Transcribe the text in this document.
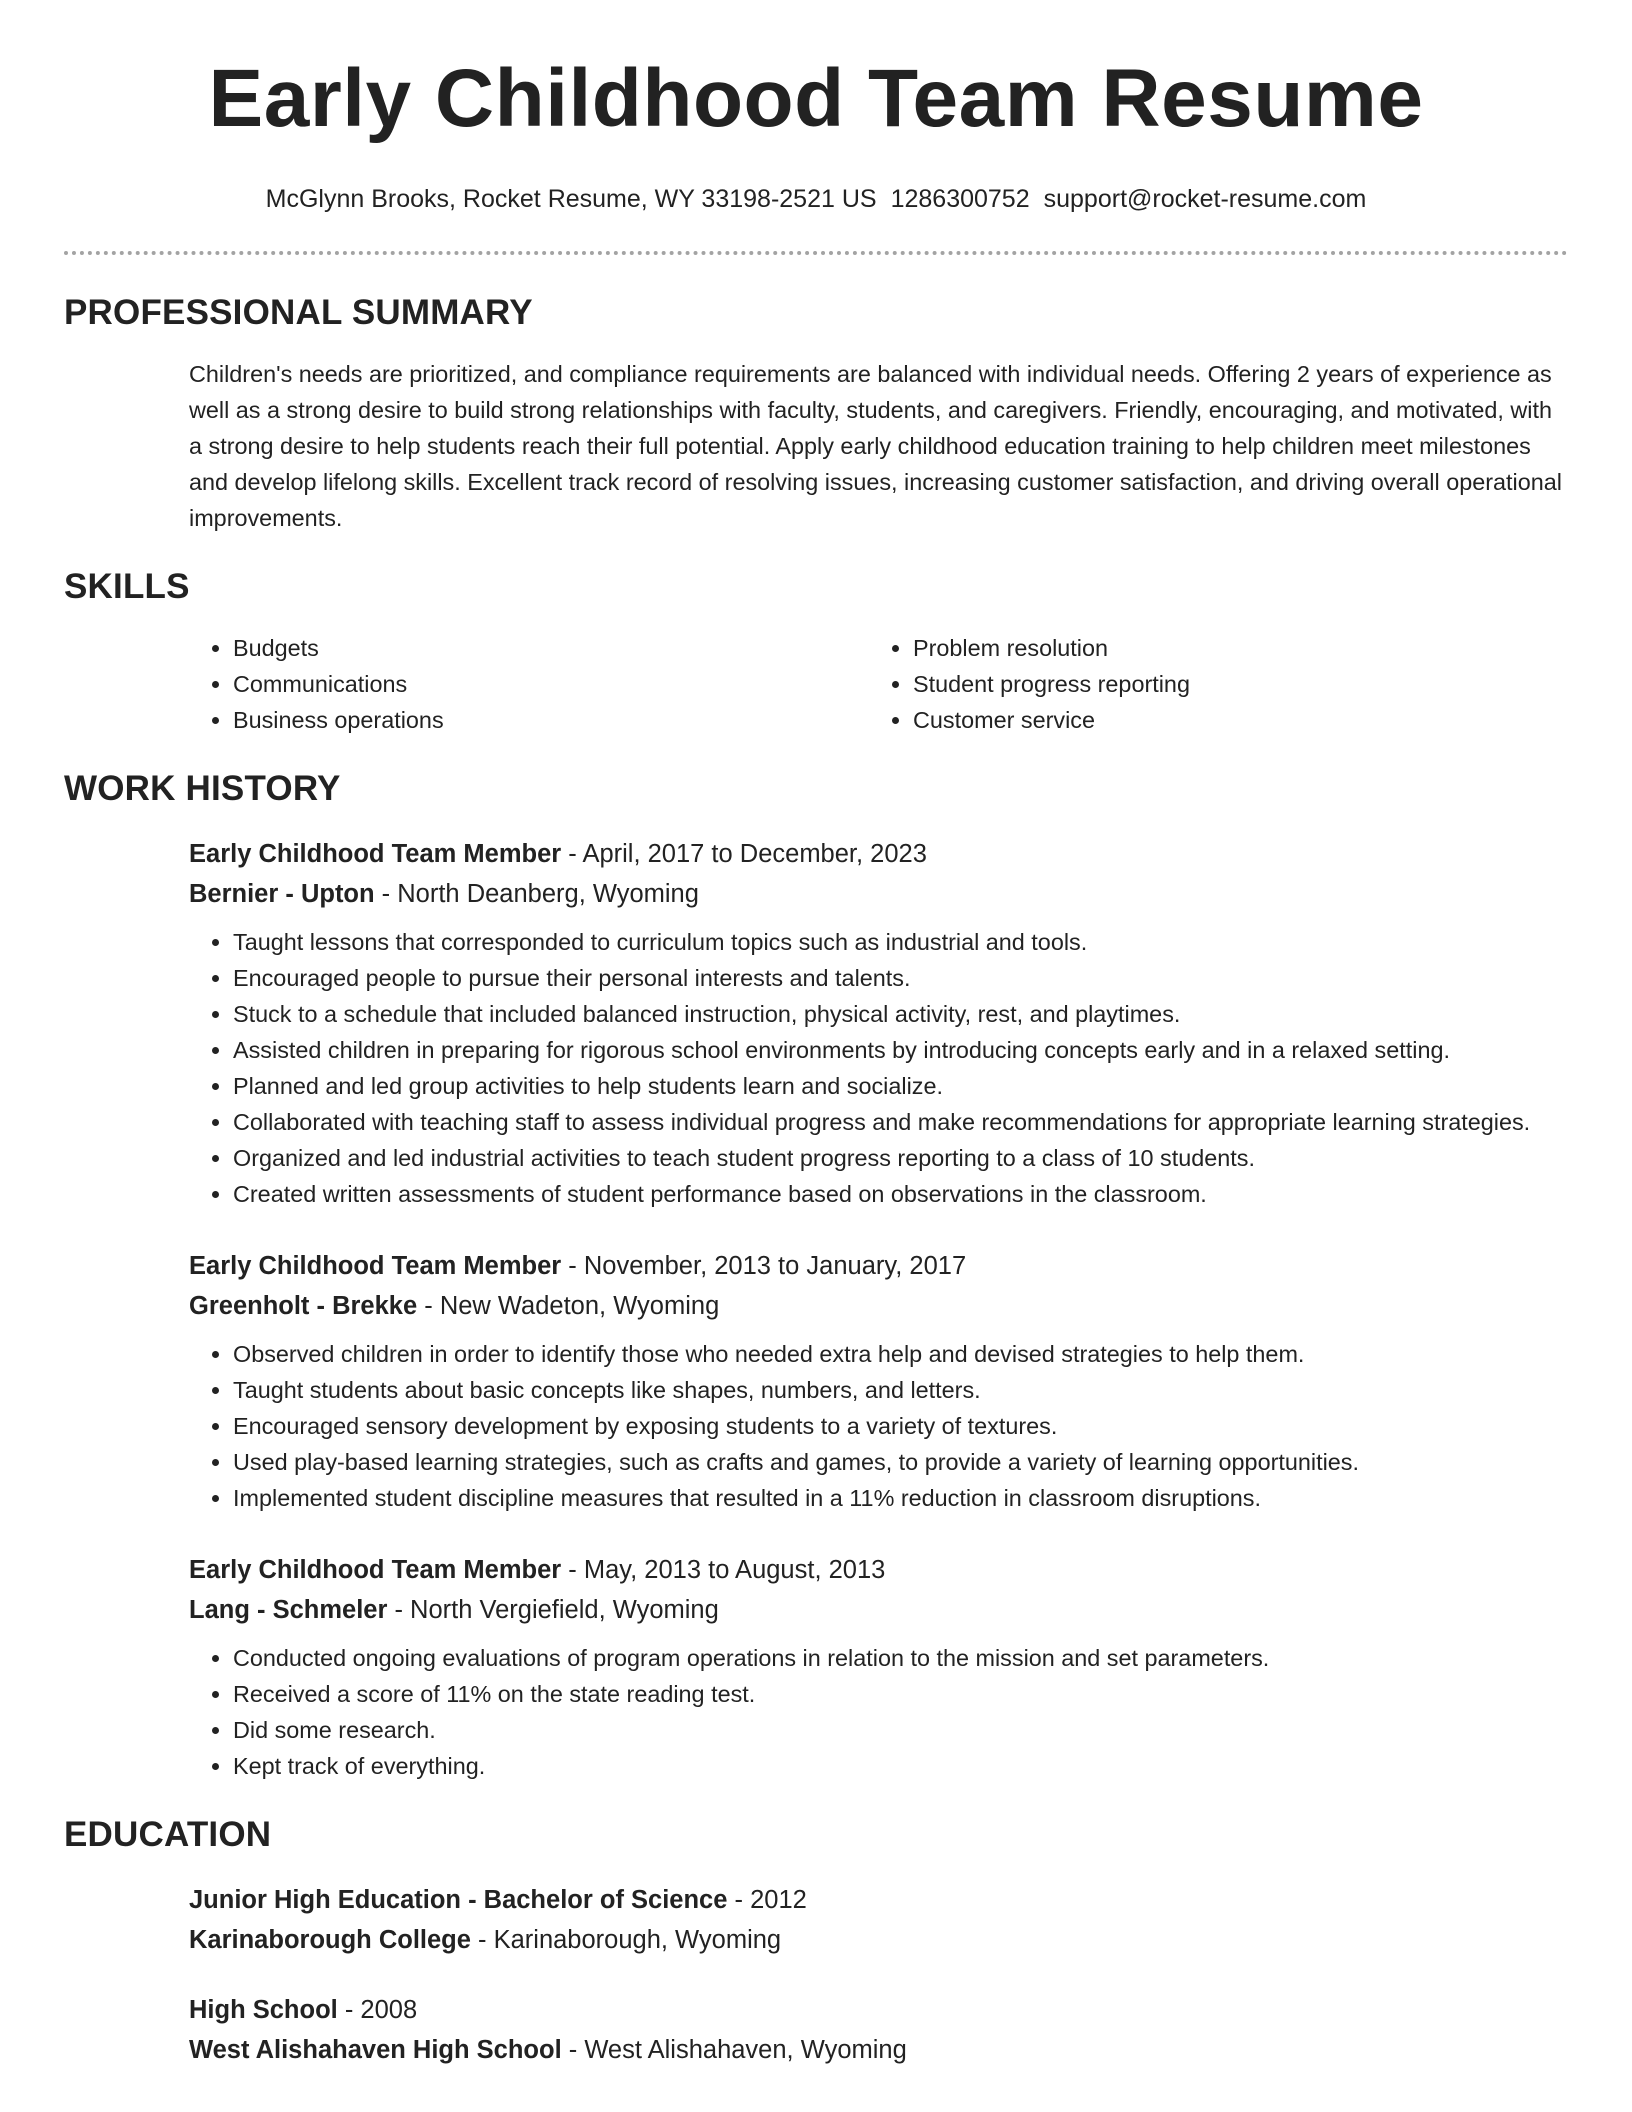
Early Childhood Team Resume
McGlynn Brooks, Rocket Resume, WY 33198-2521 US 1286300752 support@rocket-resume.com
PROFESSIONAL SUMMARY
Children's needs are prioritized, and compliance requirements are balanced with individual needs. Offering 2 years of experience as well as a strong desire to build strong relationships with faculty, students, and caregivers. Friendly, encouraging, and motivated, with a strong desire to help students reach their full potential. Apply early childhood education training to help children meet milestones and develop lifelong skills. Excellent track record of resolving issues, increasing customer satisfaction, and driving overall operational improvements.
SKILLS
• Budgets
• Communications
• Business operations
• Problem resolution
• Student progress reporting
• Customer service
WORK HISTORY
Early Childhood Team Member - April, 2017 to December, 2023
Bernier - Upton - North Deanberg, Wyoming
• Taught lessons that corresponded to curriculum topics such as industrial and tools.
• Encouraged people to pursue their personal interests and talents.
• Stuck to a schedule that included balanced instruction, physical activity, rest, and playtimes.
• Assisted children in preparing for rigorous school environments by introducing concepts early and in a relaxed setting.
• Planned and led group activities to help students learn and socialize.
• Collaborated with teaching staff to assess individual progress and make recommendations for appropriate learning strategies.
• Organized and led industrial activities to teach student progress reporting to a class of 10 students.
• Created written assessments of student performance based on observations in the classroom.
Early Childhood Team Member - November, 2013 to January, 2017
Greenholt - Brekke - New Wadeton, Wyoming
• Observed children in order to identify those who needed extra help and devised strategies to help them.
• Taught students about basic concepts like shapes, numbers, and letters.
• Encouraged sensory development by exposing students to a variety of textures.
• Used play-based learning strategies, such as crafts and games, to provide a variety of learning opportunities.
• Implemented student discipline measures that resulted in a 11% reduction in classroom disruptions.
Early Childhood Team Member - May, 2013 to August, 2013
Lang - Schmeler - North Vergiefield, Wyoming
• Conducted ongoing evaluations of program operations in relation to the mission and set parameters.
• Received a score of 11% on the state reading test.
• Did some research.
• Kept track of everything.
EDUCATION
Junior High Education - Bachelor of Science - 2012
Karinaborough College - Karinaborough, Wyoming
High School - 2008
West Alishahaven High School - West Alishahaven, Wyoming
